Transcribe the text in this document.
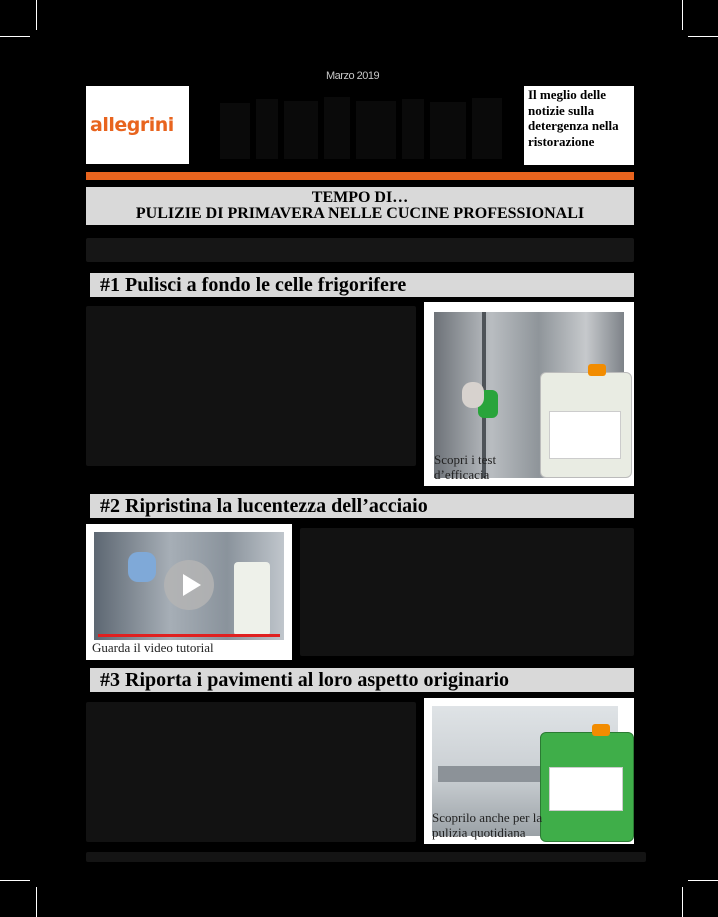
Marzo 2019
allegrini
Il meglio delle notizie sulla detergenza nella ristorazione
TEMPO DI…
PULIZIE DI PRIMAVERA NELLE CUCINE PROFESSIONALI
#1 Pulisci a fondo le celle frigorifere
Scopri i test d’efficacia
#2 Ripristina la lucentezza dell’acciaio
Guarda il video tutorial
#3 Riporta i pavimenti al loro aspetto originario
Scoprilo anche per la pulizia quotidiana
